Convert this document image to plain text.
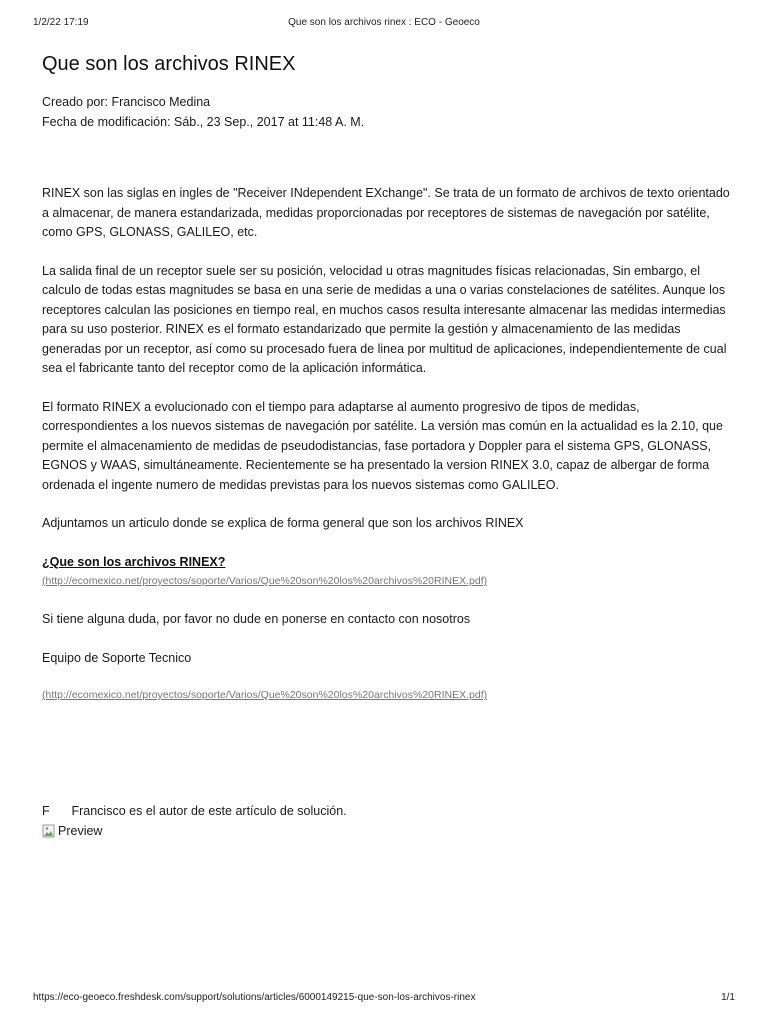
1/2/22 17:19	Que son los archivos rinex : ECO - Geoeco
Que son los archivos RINEX
Creado por: Francisco Medina
Fecha de modificación: Sáb., 23 Sep., 2017 at 11:48 A. M.

RINEX son las siglas en ingles de "Receiver INdependent EXchange". Se trata de un formato de archivos de texto orientado a almacenar, de manera estandarizada, medidas proporcionadas por receptores de sistemas de navegación por satélite, como GPS, GLONASS, GALILEO, etc.

La salida final de un receptor suele ser su posición, velocidad u otras magnitudes físicas relacionadas, Sin embargo, el calculo de todas estas magnitudes se basa en una serie de medidas a una o varias constelaciones de satélites. Aunque los receptores calculan las posiciones en tiempo real, en muchos casos resulta interesante almacenar las medidas intermedias para su uso posterior. RINEX es el formato estandarizado que permite la gestión y almacenamiento de las medidas generadas por un receptor, así como su procesado fuera de linea por multitud de aplicaciones, independientemente de cual sea el fabricante tanto del receptor como de la aplicación informática.

El formato RINEX a evolucionado con el tiempo para adaptarse al aumento progresivo de tipos de medidas, correspondientes a los nuevos sistemas de navegación por satélite. La versión mas común en la actualidad es la 2.10, que permite el almacenamiento de medidas de pseudodistancias, fase portadora y Doppler para el sistema GPS, GLONASS, EGNOS y WAAS, simultáneamente. Recientemente se ha presentado la version RINEX 3.0, capaz de albergar de forma ordenada el ingente numero de medidas previstas para los nuevos sistemas como GALILEO.

Adjuntamos un articulo donde se explica de forma general que son los archivos RINEX

¿Que son los archivos RINEX?
(http://ecomexico.net/proyectos/soporte/Varios/Que%20son%20los%20archivos%20RINEX.pdf)

Si tiene alguna duda, por favor no dude en ponerse en contacto con nosotros

Equipo de Soporte Tecnico

(http://ecomexico.net/proyectos/soporte/Varios/Que%20son%20los%20archivos%20RINEX.pdf)
F Francisco es el autor de este artículo de solución.
Preview
https://eco-geoeco.freshdesk.com/support/solutions/articles/6000149215-que-son-los-archivos-rinex	1/1
